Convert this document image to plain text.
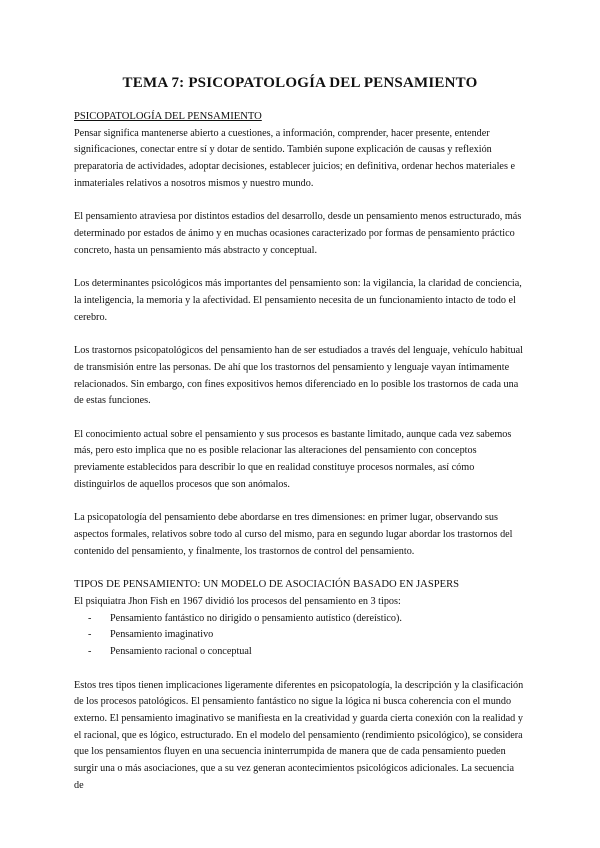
TEMA 7: PSICOPATOLOGÍA DEL PENSAMIENTO
PSICOPATOLOGÍA DEL PENSAMIENTO

Pensar significa mantenerse abierto a cuestiones, a información, comprender, hacer presente, entender significaciones, conectar entre sí y dotar de sentido. También supone explicación de causas y reflexión preparatoria de actividades, adoptar decisiones, establecer juicios; en definitiva, ordenar hechos materiales e inmateriales relativos a nosotros mismos y nuestro mundo.

El pensamiento atraviesa por distintos estadios del desarrollo, desde un pensamiento menos estructurado, más determinado por estados de ánimo y en muchas ocasiones caracterizado por formas de pensamiento práctico concreto, hasta un pensamiento más abstracto y conceptual.

Los determinantes psicológicos más importantes del pensamiento son: la vigilancia, la claridad de conciencia, la inteligencia, la memoria y la afectividad. El pensamiento necesita de un funcionamiento intacto de todo el cerebro.

Los trastornos psicopatológicos del pensamiento han de ser estudiados a través del lenguaje, vehículo habitual de transmisión entre las personas. De ahí que los trastornos del pensamiento y lenguaje vayan íntimamente relacionados. Sin embargo, con fines expositivos hemos diferenciado en lo posible los trastornos de cada una de estas funciones.

El conocimiento actual sobre el pensamiento y sus procesos es bastante limitado, aunque cada vez sabemos más, pero esto implica que no es posible relacionar las alteraciones del pensamiento con conceptos previamente establecidos para describir lo que en realidad constituye procesos normales, así cómo distinguirlos de aquellos procesos que son anómalos.

La psicopatología del pensamiento debe abordarse en tres dimensiones: en primer lugar, observando sus aspectos formales, relativos sobre todo al curso del mismo, para en segundo lugar abordar los trastornos del contenido del pensamiento, y finalmente, los trastornos de control del pensamiento.

TIPOS DE PENSAMIENTO: UN MODELO DE ASOCIACIÓN BASADO EN JASPERS

El psiquiatra Jhon Fish en 1967 dividió los procesos del pensamiento en 3 tipos:

- Pensamiento fantástico no dirigido o pensamiento autístico (dereístico).
- Pensamiento imaginativo
- Pensamiento racional o conceptual

Estos tres tipos tienen implicaciones ligeramente diferentes en psicopatología, la descripción y la clasificación de los procesos patológicos. El pensamiento fantástico no sigue la lógica ni busca coherencia con el mundo externo. El pensamiento imaginativo se manifiesta en la creatividad y guarda cierta conexión con la realidad y el racional, que es lógico, estructurado. En el modelo del pensamiento (rendimiento psicológico), se considera que los pensamientos fluyen en una secuencia ininterrumpida de manera que de cada pensamiento pueden surgir una o más asociaciones, que a su vez generan acontecimientos psicológicos adicionales. La secuencia de
